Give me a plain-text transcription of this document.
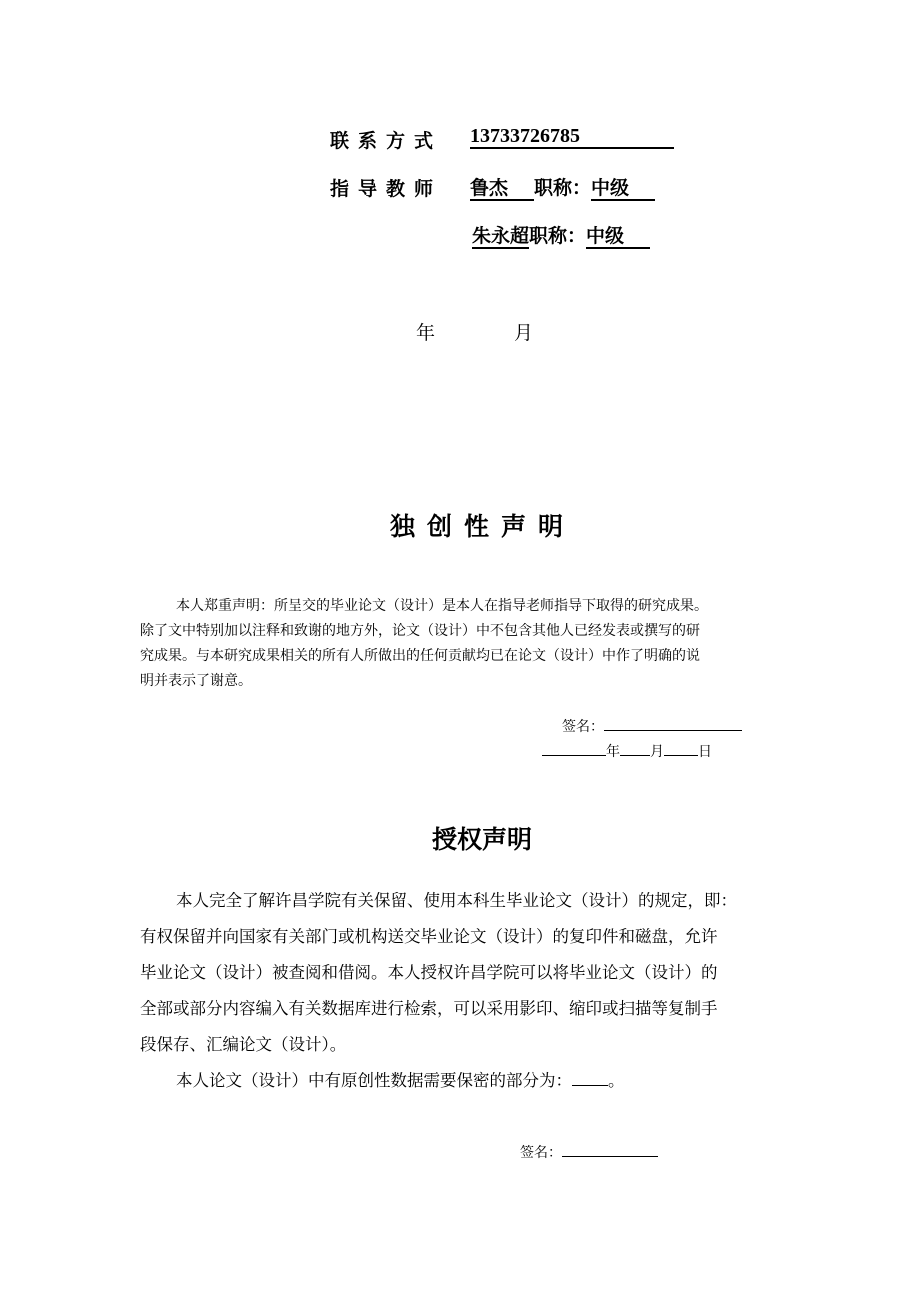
联系方式 13733726785
指导教师 鲁杰 职称：中级
朱永超职称：中级
年	月
独创性声明
本人郑重声明：所呈交的毕业论文（设计）是本人在指导老师指导下取得的研究成果。
除了文中特别加以注释和致谢的地方外，论文（设计）中不包含其他人已经发表或撰写的研
究成果。与本研究成果相关的所有人所做出的任何贡献均已在论文（设计）中作了明确的说
明并表示了谢意。
签名：
年 月 日
授权声明
本人完全了解许昌学院有关保留、使用本科生毕业论文（设计）的规定，即：
有权保留并向国家有关部门或机构送交毕业论文（设计）的复印件和磁盘，允许
毕业论文（设计）被查阅和借阅。本人授权许昌学院可以将毕业论文（设计）的
全部或部分内容编入有关数据库进行检索，可以采用影印、缩印或扫描等复制手
段保存、汇编论文（设计）。
本人论文（设计）中有原创性数据需要保密的部分为： 。
签名：
